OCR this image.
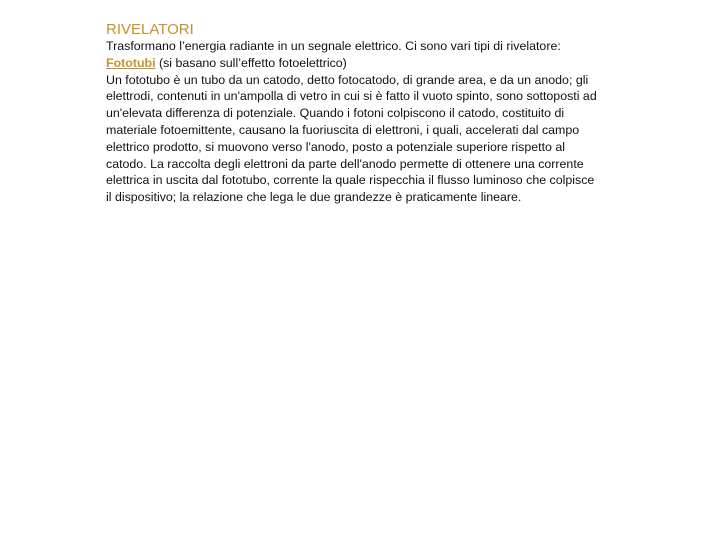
RIVELATORI

Trasformano l’energia radiante in un segnale elettrico. Ci sono vari tipi di rivelatore:

Fototubi (si basano sull’effetto fotoelettrico)

Un fototubo è un tubo da un catodo, detto fotocatodo, di grande area, e da un anodo; gli elettrodi, contenuti in un'ampolla di vetro in cui si è fatto il vuoto spinto, sono sottoposti ad un'elevata differenza di potenziale. Quando i fotoni colpiscono il catodo, costituito di materiale fotoemittente, causano la fuoriuscita di elettroni, i quali, accelerati dal campo elettrico prodotto, si muovono verso l'anodo, posto a potenziale superiore rispetto al catodo. La raccolta degli elettroni da parte dell'anodo permette di ottenere una corrente elettrica in uscita dal fototubo, corrente la quale rispecchia il flusso luminoso che colpisce il dispositivo; la relazione che lega le due grandezze è praticamente lineare.
